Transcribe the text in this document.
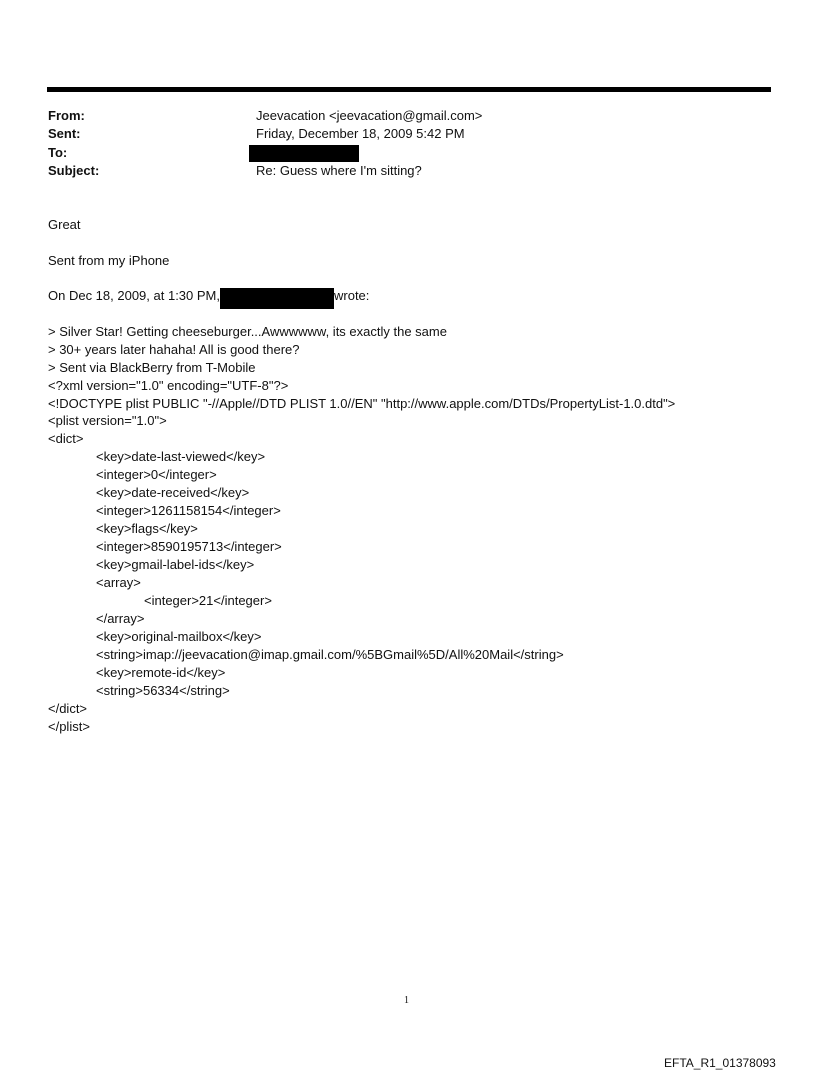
From:	Jeevacation <jeevacation@gmail.com>
Sent:	Friday, December 18, 2009 5:42 PM
To:
Subject:	Re: Guess where I'm sitting?
Great
Sent from my iPhone
On Dec 18, 2009, at 1:30 PM,	wrote:
> Silver Star! Getting cheeseburger...Awwwwww, its exactly the same
> 30+ years later hahaha! All is good there?
> Sent via BlackBerry from T-Mobile
<?xml version="1.0" encoding="UTF-8"?>
<!DOCTYPE plist PUBLIC "-//Apple//DTD PLIST 1.0//EN" "http://www.apple.com/DTDs/PropertyList-1.0.dtd">
<plist version="1.0">
<dict>
<key>date-last-viewed</key>
<integer>0</integer>
<key>date-received</key>
<integer>1261158154</integer>
<key>flags</key>
<integer>8590195713</integer>
<key>gmail-label-ids</key>
<array>
<integer>21</integer>
</array>
<key>original-mailbox</key>
<string>imap://jeevacation@imap.gmail.com/%5BGmail%5D/All%20Mail</string>
<key>remote-id</key>
<string>56334</string>
</dict>
</plist>
1
EFTA_R1_01378093
